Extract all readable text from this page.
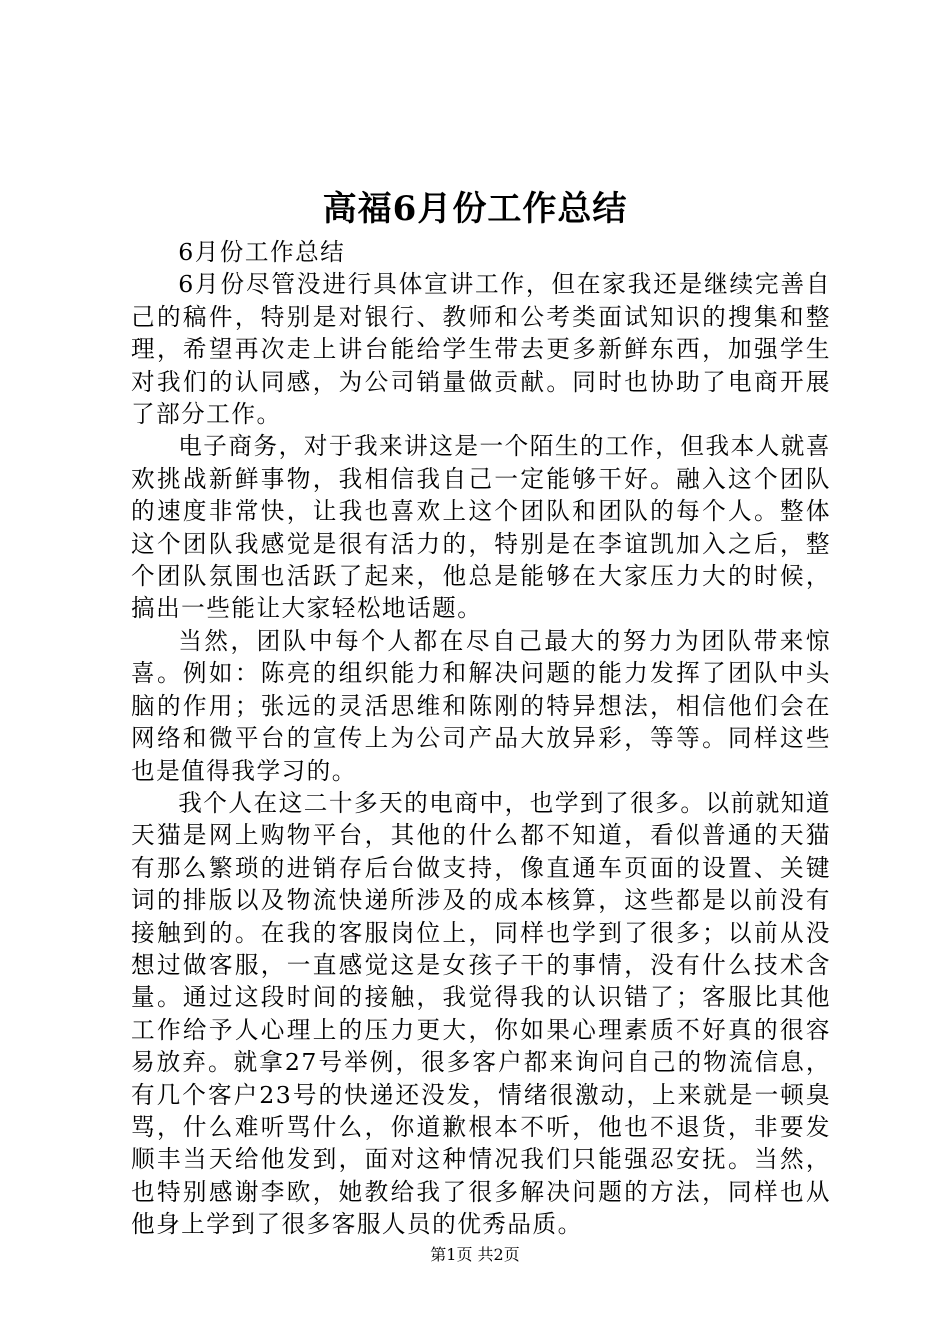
高福6月份工作总结

6月份工作总结

6月份尽管没进行具体宣讲工作，但在家我还是继续完善自己的稿件，特别是对银行、教师和公考类面试知识的搜集和整理，希望再次走上讲台能给学生带去更多新鲜东西，加强学生对我们的认同感，为公司销量做贡献。同时也协助了电商开展了部分工作。

电子商务，对于我来讲这是一个陌生的工作，但我本人就喜欢挑战新鲜事物，我相信我自己一定能够干好。融入这个团队的速度非常快，让我也喜欢上这个团队和团队的每个人。整体这个团队我感觉是很有活力的，特别是在李谊凯加入之后，整个团队氛围也活跃了起来，他总是能够在大家压力大的时候，搞出一些能让大家轻松地话题。

当然，团队中每个人都在尽自己最大的努力为团队带来惊喜。例如：陈亮的组织能力和解决问题的能力发挥了团队中头脑的作用；张远的灵活思维和陈刚的特异想法，相信他们会在网络和微平台的宣传上为公司产品大放异彩，等等。同样这些也是值得我学习的。

我个人在这二十多天的电商中，也学到了很多。以前就知道天猫是网上购物平台，其他的什么都不知道，看似普通的天猫有那么繁琐的进销存后台做支持，像直通车页面的设置、关键词的排版以及物流快递所涉及的成本核算，这些都是以前没有接触到的。在我的客服岗位上，同样也学到了很多；以前从没想过做客服，一直感觉这是女孩子干的事情，没有什么技术含量。通过这段时间的接触，我觉得我的认识错了；客服比其他工作给予人心理上的压力更大，你如果心理素质不好真的很容易放弃。就拿27号举例，很多客户都来询问自己的物流信息，有几个客户23号的快递还没发，情绪很激动，上来就是一顿臭骂，什么难听骂什么，你道歉根本不听，他也不退货，非要发顺丰当天给他发到，面对这种情况我们只能强忍安抚。当然，也特别感谢李欧，她教给我了很多解决问题的方法，同样也从他身上学到了很多客服人员的优秀品质。

第1页 共2页
